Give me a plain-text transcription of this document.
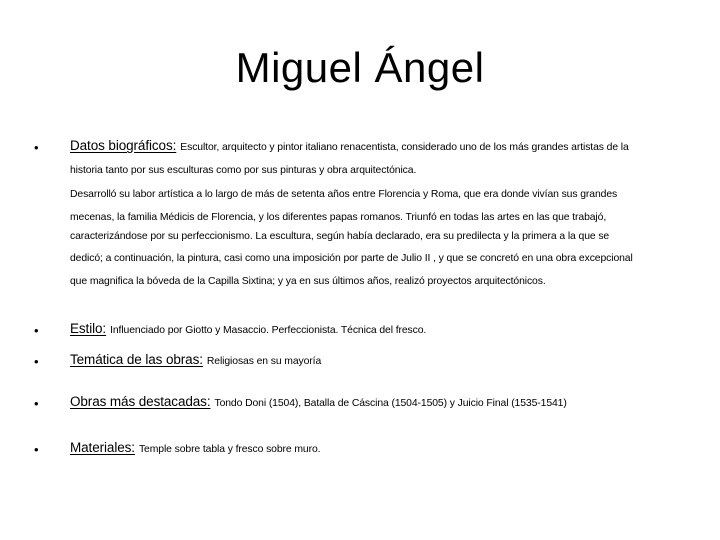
Miguel Ángel
• Datos biográficos: Escultor, arquitecto y pintor italiano renacentista, considerado uno de los más grandes artistas de la
historia tanto por sus esculturas como por sus pinturas y obra arquitectónica.
Desarrolló su labor artística a lo largo de más de setenta años entre Florencia y Roma, que era donde vivían sus grandes
mecenas, la familia Médicis de Florencia, y los diferentes papas romanos. Triunfó en todas las artes en las que trabajó,
caracterizándose por su perfeccionismo. La escultura, según había declarado, era su predilecta y la primera a la que se
dedicó; a continuación, la pintura, casi como una imposición por parte de Julio II , y que se concretó en una obra excepcional
que magnifica la bóveda de la Capilla Sixtina; y ya en sus últimos años, realizó proyectos arquitectónicos.
• Estilo: Influenciado por Giotto y Masaccio. Perfeccionista. Técnica del fresco.
• Temática de las obras: Religiosas en su mayoría
• Obras más destacadas: Tondo Doni (1504), Batalla de Cáscina (1504-1505) y Juicio Final (1535-1541)
• Materiales: Temple sobre tabla y fresco sobre muro.
